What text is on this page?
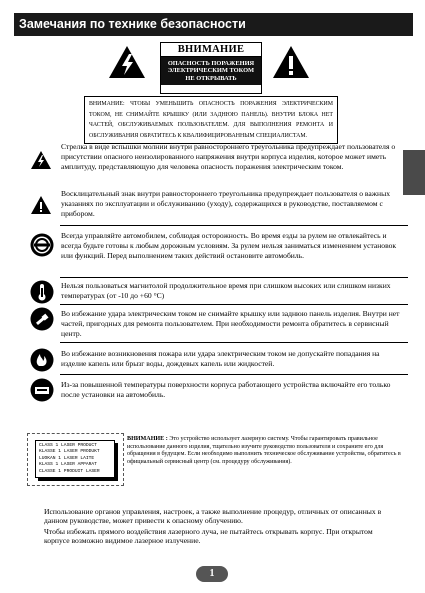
Замечания по технике безопасности
ВНИМАНИЕ
ОПАСНОСТЬ ПОРАЖЕНИЯ
ЭЛЕКТРИЧЕСКИМ ТОКОМ
НЕ ОТКРЫВАТЬ
ВНИМАНИЕ: ЧТОБЫ УМЕНЬШИТЬ ОПАСНОСТЬ ПОРАЖЕНИЯ ЭЛЕКТРИЧЕСКИМ ТОКОМ, НЕ СНИМАЙТЕ КРЫШКУ (ИЛИ ЗАДНЮЮ ПАНЕЛЬ). ВНУТРИ БЛОКА НЕТ ЧАСТЕЙ, ОБСЛУЖИВАЕМЫХ ПОЛЬЗОВАТЕЛЕМ. ДЛЯ ВЫПОЛНЕНИЯ РЕМОНТА И ОБСЛУЖИВАНИЯ ОБРАТИТЕСЬ К КВАЛИФИЦИРОВАННЫМ СПЕЦИАЛИСТАМ.
Стрелка в виде вспышки молнии внутри равностороннего треугольника предупреждает пользователя о присутствии опасного неизолированного напряжения внутри корпуса изделия, которое может иметь амплитуду, представляющую для человека опасность поражения электрическим током.
Восклицательный знак внутри равностороннего треугольника предупреждает пользователя о важных указаниях по эксплуатации и обслуживанию (уходу), содержащихся в руководстве, поставляемом с прибором.
Всегда управляйте автомобилем, соблюдая осторожность. Во время езды за рулем не отвлекайтесь и всегда будьте готовы к любым дорожным условиям. За рулем нельзя заниматься изменением установок или функций. Перед выполнением таких действий остановите автомобиль.
Нельзя пользоваться магнитолой продолжительное время при слишком высоких или слишком низких температурах (от -10 до +60 °C)
Во избежание удара электрическим током не снимайте крышку или заднюю панель изделия. Внутри нет частей, пригодных для ремонта пользователем. При необходимости ремонта обратитесь в сервисный центр.
Во избежание возникновения пожара или удара электрическим током не допускайте попадания на изделие капель или брызг воды, дождевых капель или жидкостей.
Из-за повышенной температуры поверхности корпуса работающего устройства включайте его только после установки на автомобиль.
CLASS 1 LASER PRODUCT
KLASSE 1 LASER PRODUKT
LUOKAN 1 LASER LAITE
KLASS 1 LASER APPARAT
CLASSE 1 PRODUIT LASER
ВНИМАНИЕ : Это устройство использует лазерную систему. Чтобы гарантировать правильное использование данного изделия, тщательно изучите руководство пользователя и сохраните его для обращения в будущем. Если необходимо выполнить техническое обслуживание устройства, обратитесь в официальный сервисный центр (см. процедуру обслуживания).
Использование органов управления, настроек, а также выполнение процедур, отличных от описанных в данном руководстве, может привести к опасному облучению.
Чтобы избежать прямого воздействия лазерного луча, не пытайтесь открывать корпус. При открытом корпусе возможно видимое лазерное излучение.
1
